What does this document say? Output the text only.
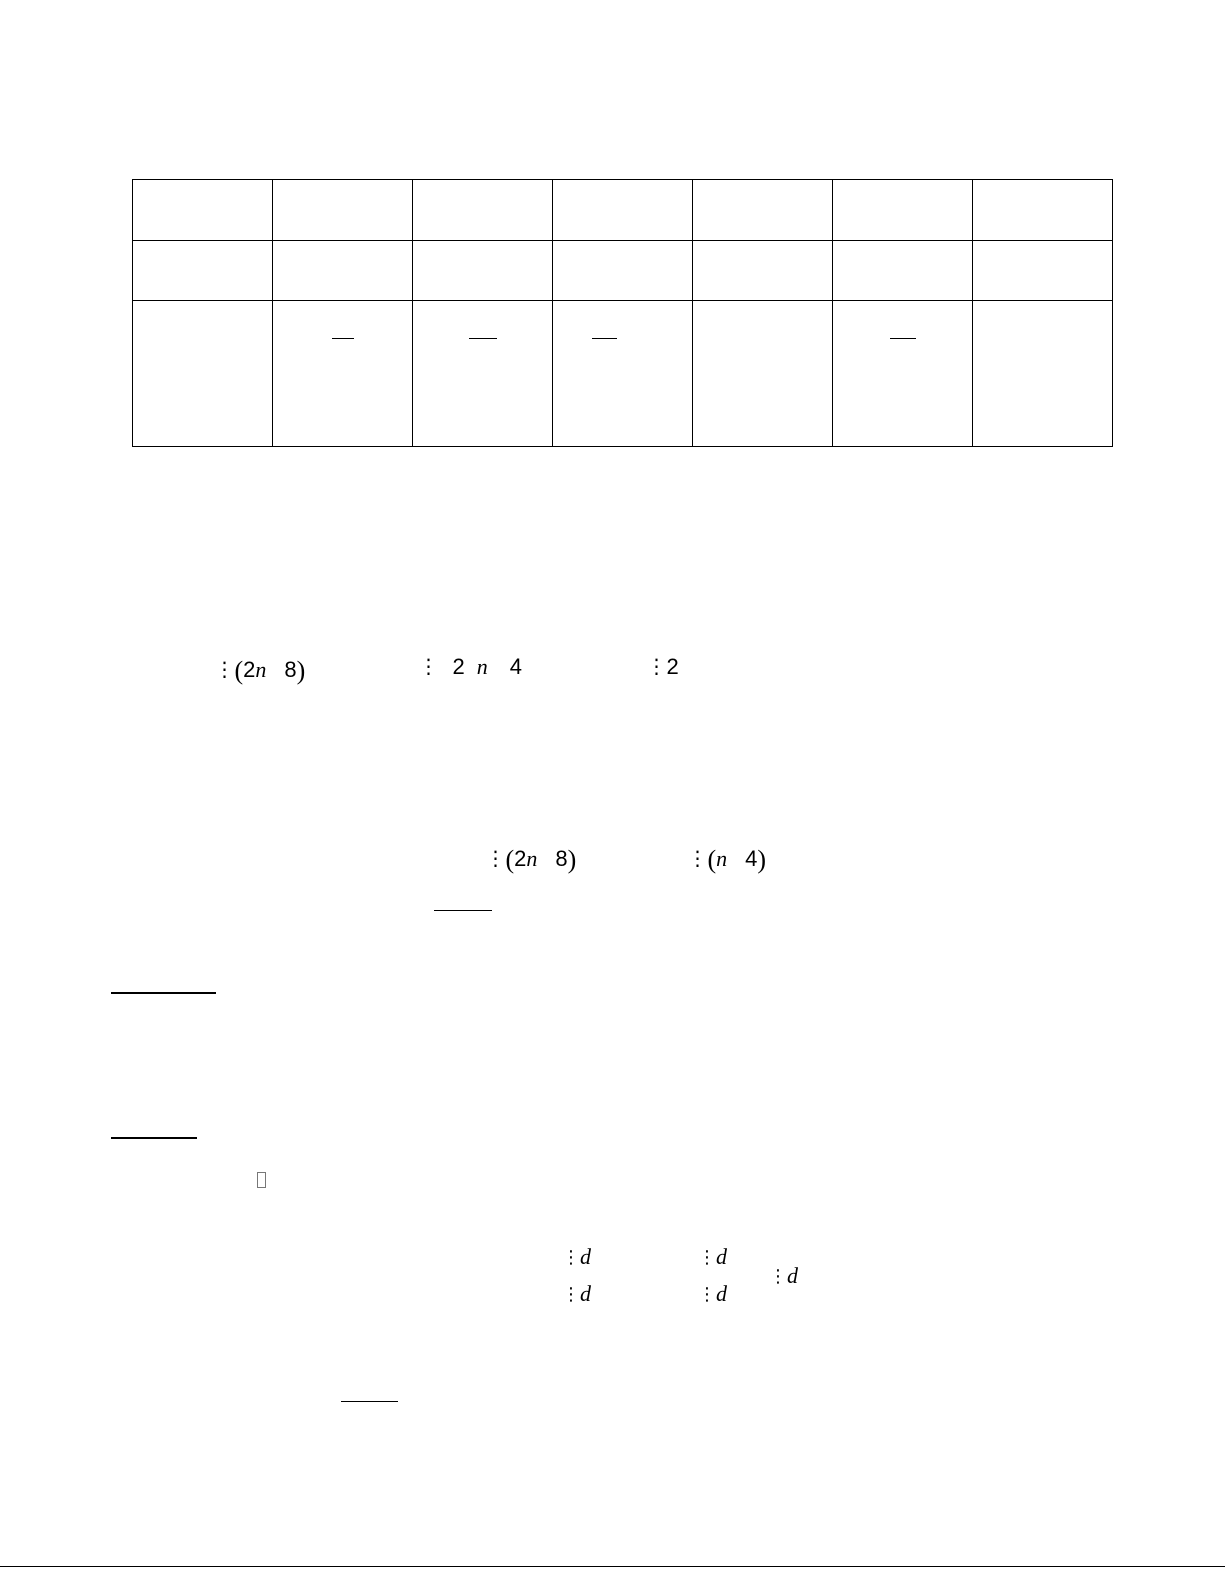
⋮(2n 8)
	⋮ 2 n 4
	⋮2

⋮(2n 8)
	⋮(n 4)

⋮d
	⋮d

⋮d
	⋮d

⋮d
